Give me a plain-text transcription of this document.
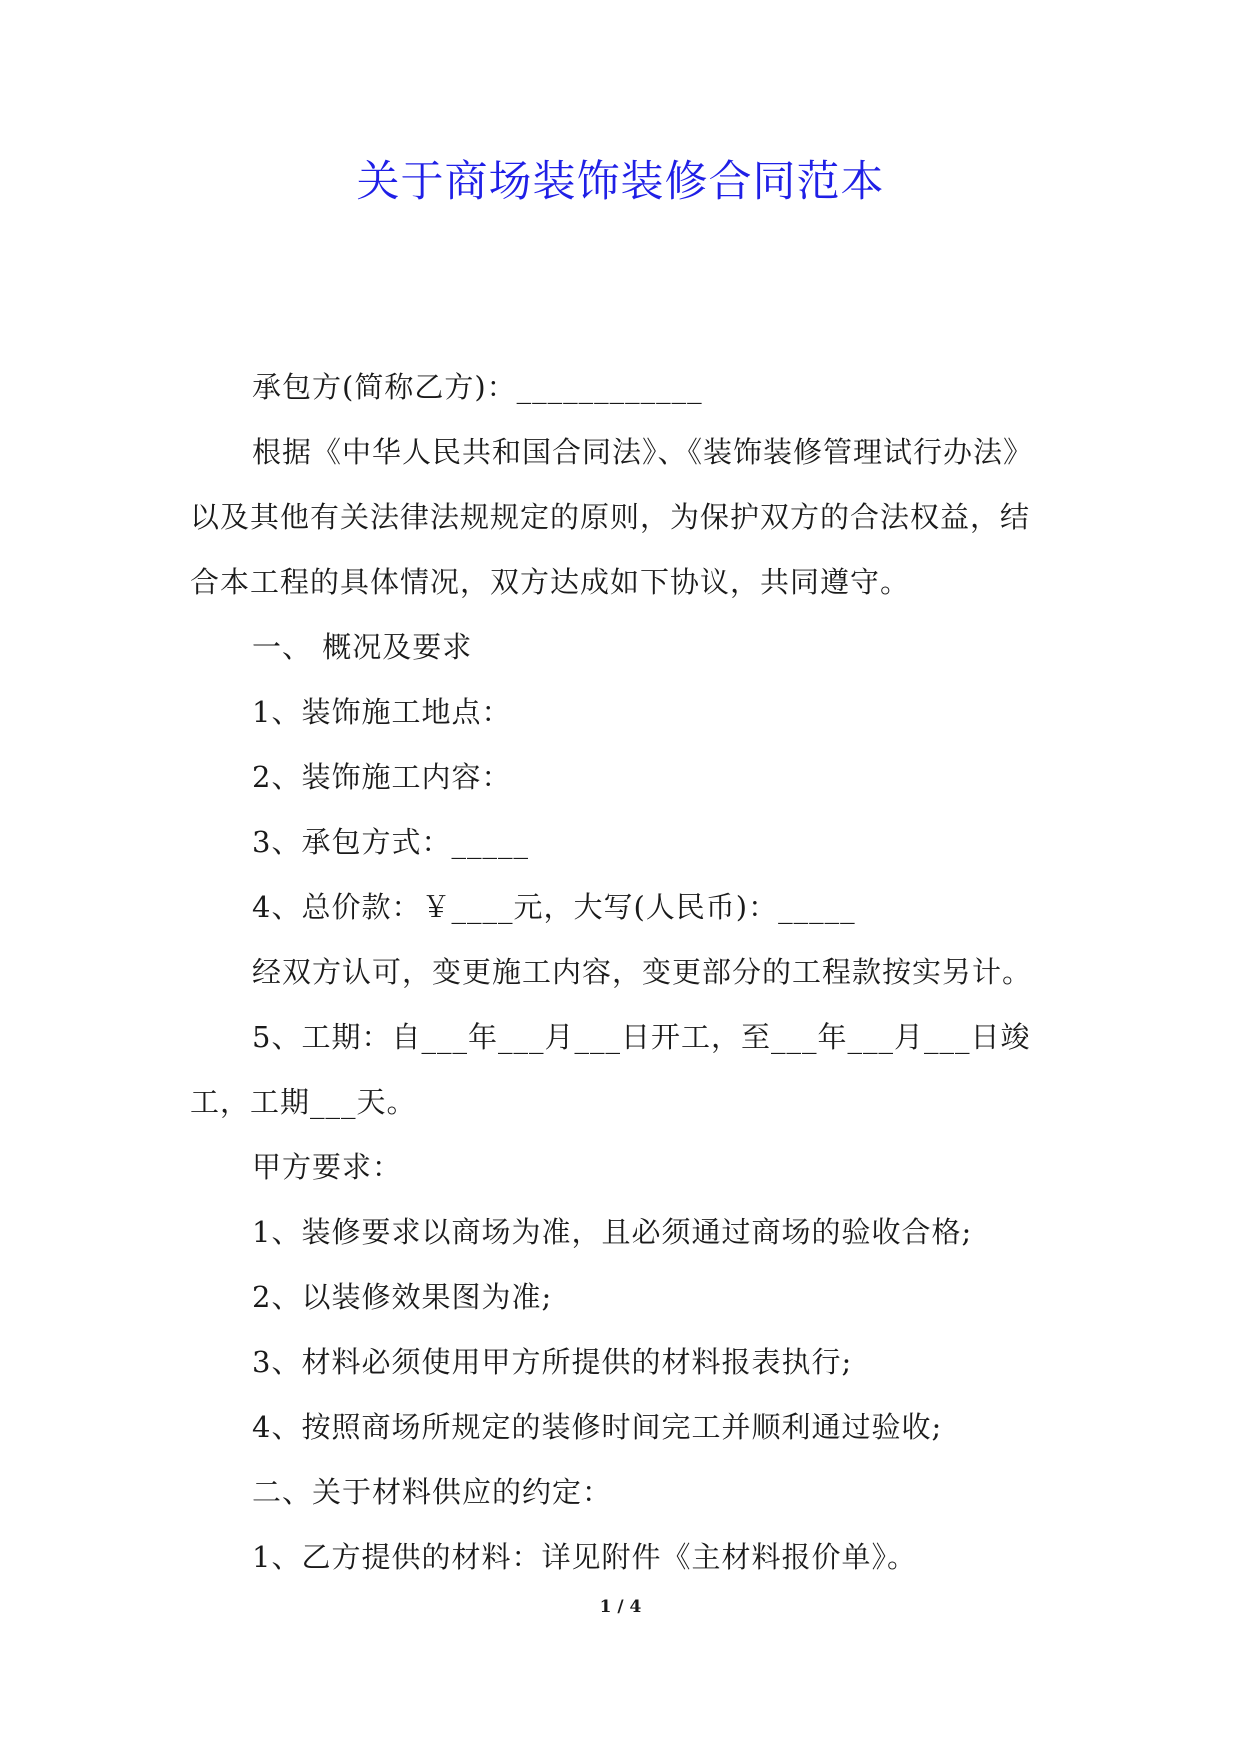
关于商场装饰装修合同范本
承包方(简称乙方)：____________
根据《中华人民共和国合同法》、《装饰装修管理试行办法》
以及其他有关法律法规规定的原则，为保护双方的合法权益，结
合本工程的具体情况，双方达成如下协议，共同遵守。
一、 概况及要求
1、装饰施工地点：
2、装饰施工内容：
3、承包方式：_____
4、总价款：￥____元，大写(人民币)：_____
经双方认可，变更施工内容，变更部分的工程款按实另计。
5、工期：自___年___月___日开工，至___年___月___日竣
工，工期___天。
甲方要求：
1、装修要求以商场为准，且必须通过商场的验收合格;
2、以装修效果图为准;
3、材料必须使用甲方所提供的材料报表执行;
4、按照商场所规定的装修时间完工并顺利通过验收;
二、关于材料供应的约定：
1、乙方提供的材料：详见附件《主材料报价单》。
1 / 4
